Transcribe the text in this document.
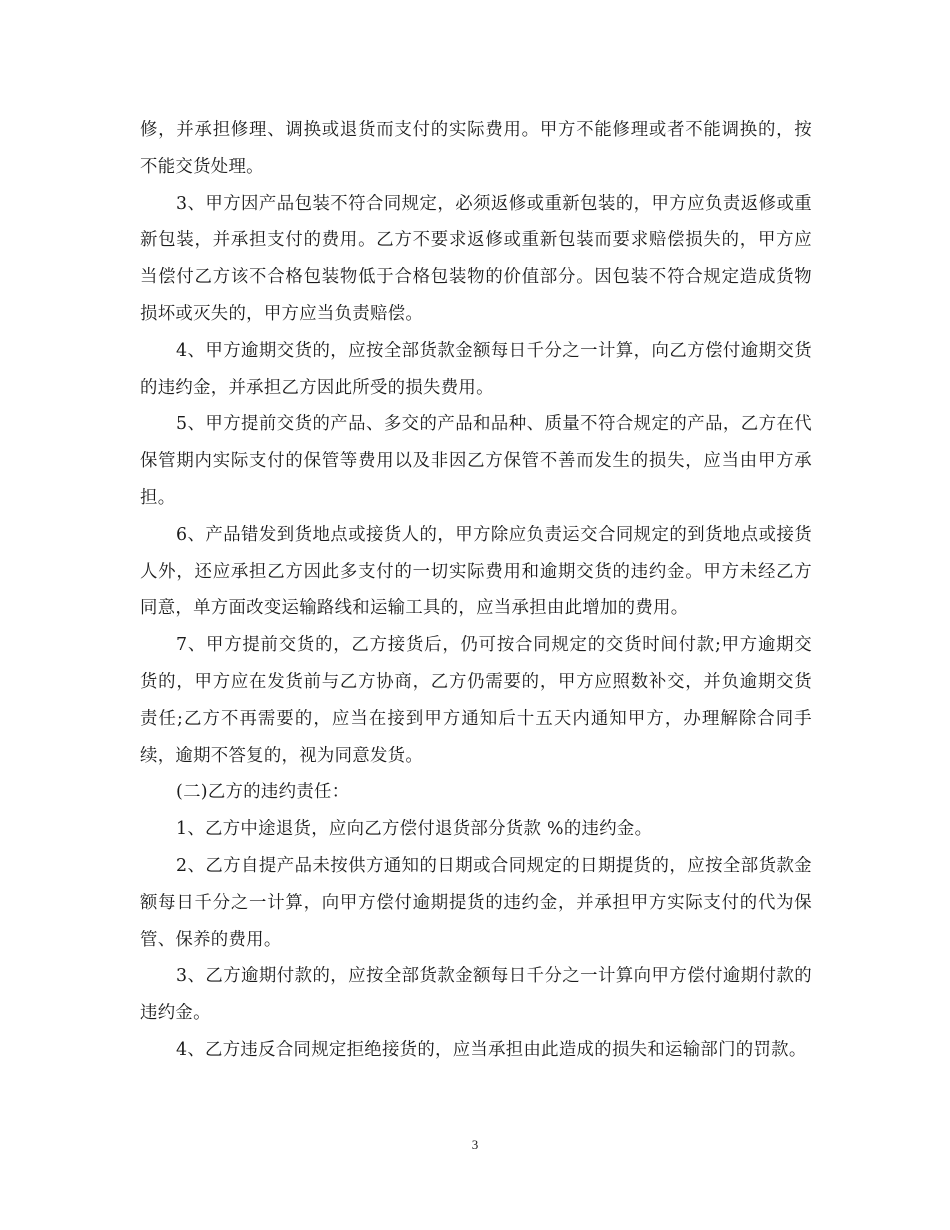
修，并承担修理、调换或退货而支付的实际费用。甲方不能修理或者不能调换的，按不能交货处理。

3、甲方因产品包装不符合同规定，必须返修或重新包装的，甲方应负责返修或重新包装，并承担支付的费用。乙方不要求返修或重新包装而要求赔偿损失的，甲方应当偿付乙方该不合格包装物低于合格包装物的价值部分。因包装不符合规定造成货物损坏或灭失的，甲方应当负责赔偿。

4、甲方逾期交货的，应按全部货款金额每日千分之一计算，向乙方偿付逾期交货的违约金，并承担乙方因此所受的损失费用。

5、甲方提前交货的产品、多交的产品和品种、质量不符合规定的产品，乙方在代保管期内实际支付的保管等费用以及非因乙方保管不善而发生的损失，应当由甲方承担。

6、产品错发到货地点或接货人的，甲方除应负责运交合同规定的到货地点或接货人外，还应承担乙方因此多支付的一切实际费用和逾期交货的违约金。甲方未经乙方同意，单方面改变运输路线和运输工具的，应当承担由此增加的费用。

7、甲方提前交货的，乙方接货后，仍可按合同规定的交货时间付款;甲方逾期交货的，甲方应在发货前与乙方协商，乙方仍需要的，甲方应照数补交，并负逾期交货责任;乙方不再需要的，应当在接到甲方通知后十五天内通知甲方，办理解除合同手续，逾期不答复的，视为同意发货。

(二)乙方的违约责任：

1、乙方中途退货，应向乙方偿付退货部分货款 %的违约金。

2、乙方自提产品未按供方通知的日期或合同规定的日期提货的，应按全部货款金额每日千分之一计算，向甲方偿付逾期提货的违约金，并承担甲方实际支付的代为保管、保养的费用。

3、乙方逾期付款的，应按全部货款金额每日千分之一计算向甲方偿付逾期付款的违约金。

4、乙方违反合同规定拒绝接货的，应当承担由此造成的损失和运输部门的罚款。

3
